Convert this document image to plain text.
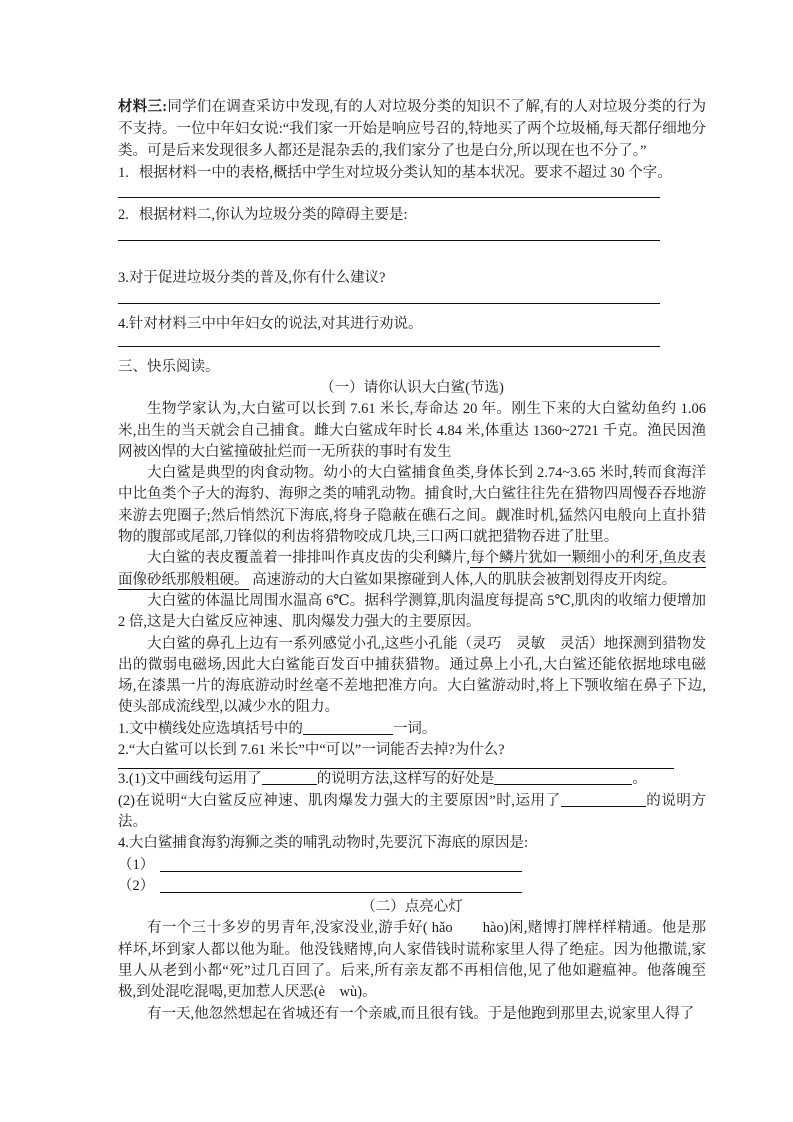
材料三:同学们在调查采访中发现,有的人对垃圾分类的知识不了解,有的人对垃圾分类的行为不支持。一位中年妇女说:“我们家一开始是响应号召的,特地买了两个垃圾桶,每天都仔细地分类。可是后来发现很多人都还是混杂丢的,我们家分了也是白分,所以现在也不分了。”

1. 根据材料一中的表格,概括中学生对垃圾分类认知的基本状况。要求不超过 30 个字。

2. 根据材料二,你认为垃圾分类的障碍主要是:

3.对于促进垃圾分类的普及,你有什么建议?

4.针对材料三中中年妇女的说法,对其进行劝说。

三、快乐阅读。

（一）请你认识大白鲨(节选)

生物学家认为,大白鲨可以长到 7.61 米长,寿命达 20 年。刚生下来的大白鲨幼鱼约 1.06 米,出生的当天就会自己捕食。雌大白鲨成年时长 4.84 米,体重达 1360~2721 千克。渔民因渔网被凶悍的大白鲨撞破扯烂而一无所获的事时有发生

大白鲨是典型的肉食动物。幼小的大白鲨捕食鱼类,身体长到 2.74~3.65 米时,转而食海洋中比鱼类个子大的海豹、海卵之类的哺乳动物。捕食时,大白鲨往往先在猎物四周慢吞吞地游来游去兜圈子;然后悄然沉下海底,将身子隐蔽在礁石之间。觑准时机,猛然闪电般向上直扑猎物的腹部或尾部,刀锋似的利齿将猎物咬成几块,三口两口就把猎物吞进了肚里。

大白鲨的表皮覆盖着一排排叫作真皮齿的尖利鳞片,每个鳞片犹如一颗细小的利牙,鱼皮表面像砂纸那般粗硬。 高速游动的大白鲨如果擦碰到人体,人的肌肤会被割划得皮开肉绽。

大白鲨的体温比周围水温高 6℃。据科学测算,肌肉温度每提高 5℃,肌肉的收缩力便增加 2 倍,这是大白鲨反应神速、肌肉爆发力强大的主要原因。

大白鲨的鼻孔上边有一系列感觉小孔,这些小孔能（灵巧　灵敏　灵活）地探测到猎物发出的微弱电磁场,因此大白鲨能百发百中捕获猎物。通过鼻上小孔,大白鲨还能依据地球电磁场,在漆黑一片的海底游动时丝毫不差地把准方向。大白鲨游动时,将上下颚收缩在鼻子下边,使头部成流线型,以减少水的阻力。

1.文中横线处应选填括号中的	一词。

2.“大白鲨可以长到 7.61 米长”中“可以”一词能否去掉?为什么?

3.(1)文中画线句运用了	的说明方法,这样写的好处是	。

(2)在说明“大白鲨反应神速、肌肉爆发力强大的主要原因”时,运用了	的说明方法。

4.大白鲨捕食海豹海狮之类的哺乳动物时,先要沉下海底的原因是:

（1）

（2）

（二）点亮心灯

有一个三十多岁的男青年,没家没业,游手好( hǎo　　hào)闲,赌博打牌样样精通。他是那样坏,坏到家人都以他为耻。他没钱赌博,向人家借钱时谎称家里人得了绝症。因为他撒谎,家里人从老到小都“死”过几百回了。后来,所有亲友都不再相信他,见了他如避瘟神。他落魄至极,到处混吃混喝,更加惹人厌恶(è　wù)。

有一天,他忽然想起在省城还有一个亲戚,而且很有钱。于是他跑到那里去,说家里人得了
